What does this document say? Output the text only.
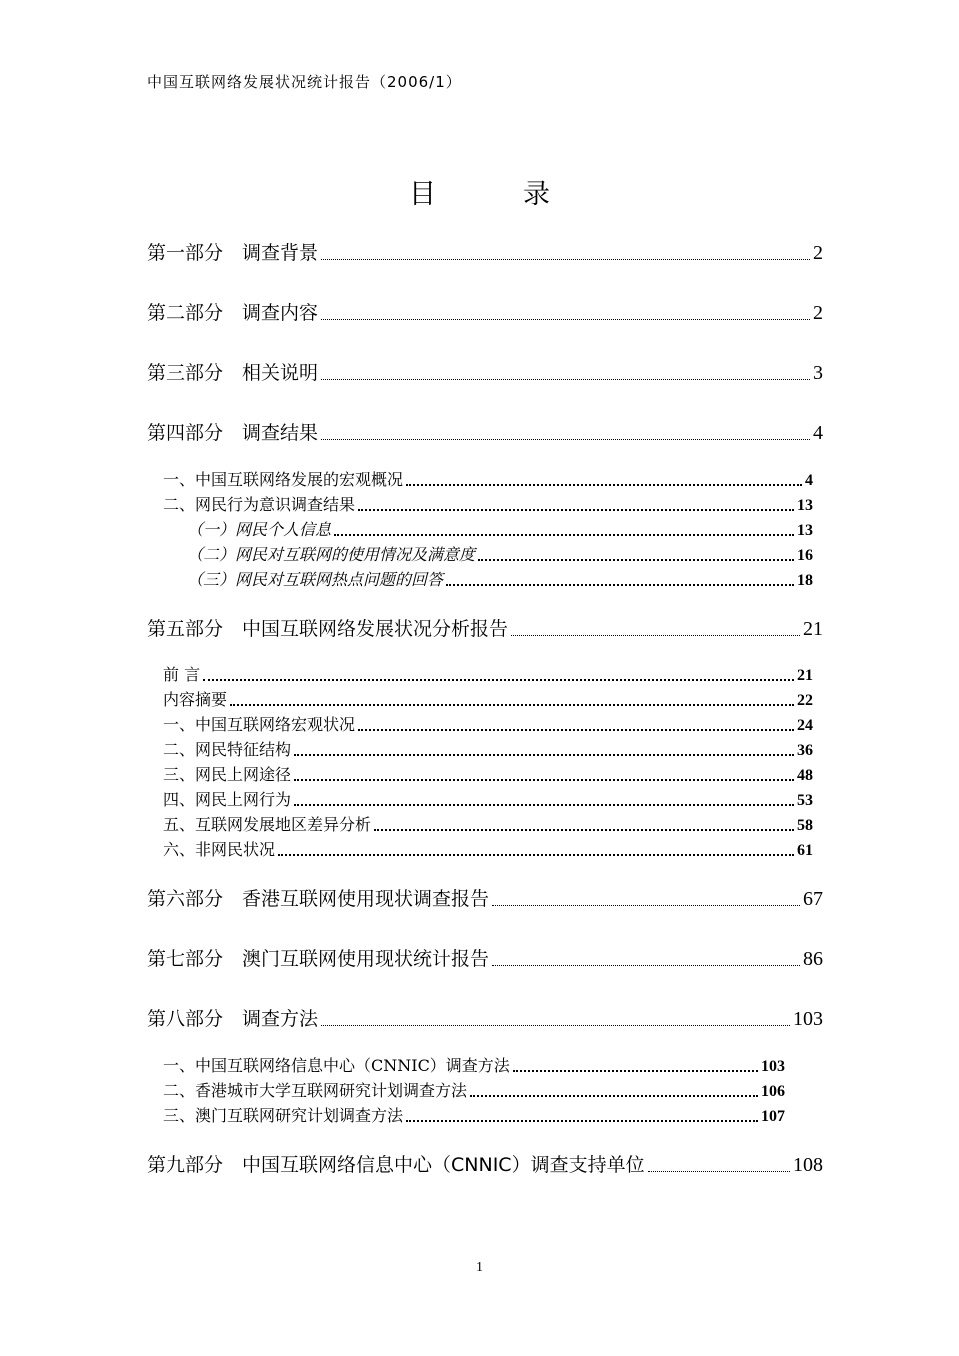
中国互联网络发展状况统计报告（2006/1）
目　录
第一部分　调查背景	2
第二部分　调查内容	2
第三部分　相关说明	3
第四部分　调查结果	4
一、中国互联网络发展的宏观概况	4
二、网民行为意识调查结果	13
（一）网民个人信息	13
（二）网民对互联网的使用情况及满意度	16
（三）网民对互联网热点问题的回答	18
第五部分　中国互联网络发展状况分析报告	21
前 言	21
内容摘要	22
一、中国互联网络宏观状况	24
二、网民特征结构	36
三、网民上网途径	48
四、网民上网行为	53
五、互联网发展地区差异分析	58
六、非网民状况	61
第六部分　香港互联网使用现状调查报告	67
第七部分　澳门互联网使用现状统计报告	86
第八部分　调查方法	103
一、中国互联网络信息中心（CNNIC）调查方法	103
二、香港城市大学互联网研究计划调查方法	106
三、澳门互联网研究计划调查方法	107
第九部分　中国互联网络信息中心（CNNIC）调查支持单位	108
1
